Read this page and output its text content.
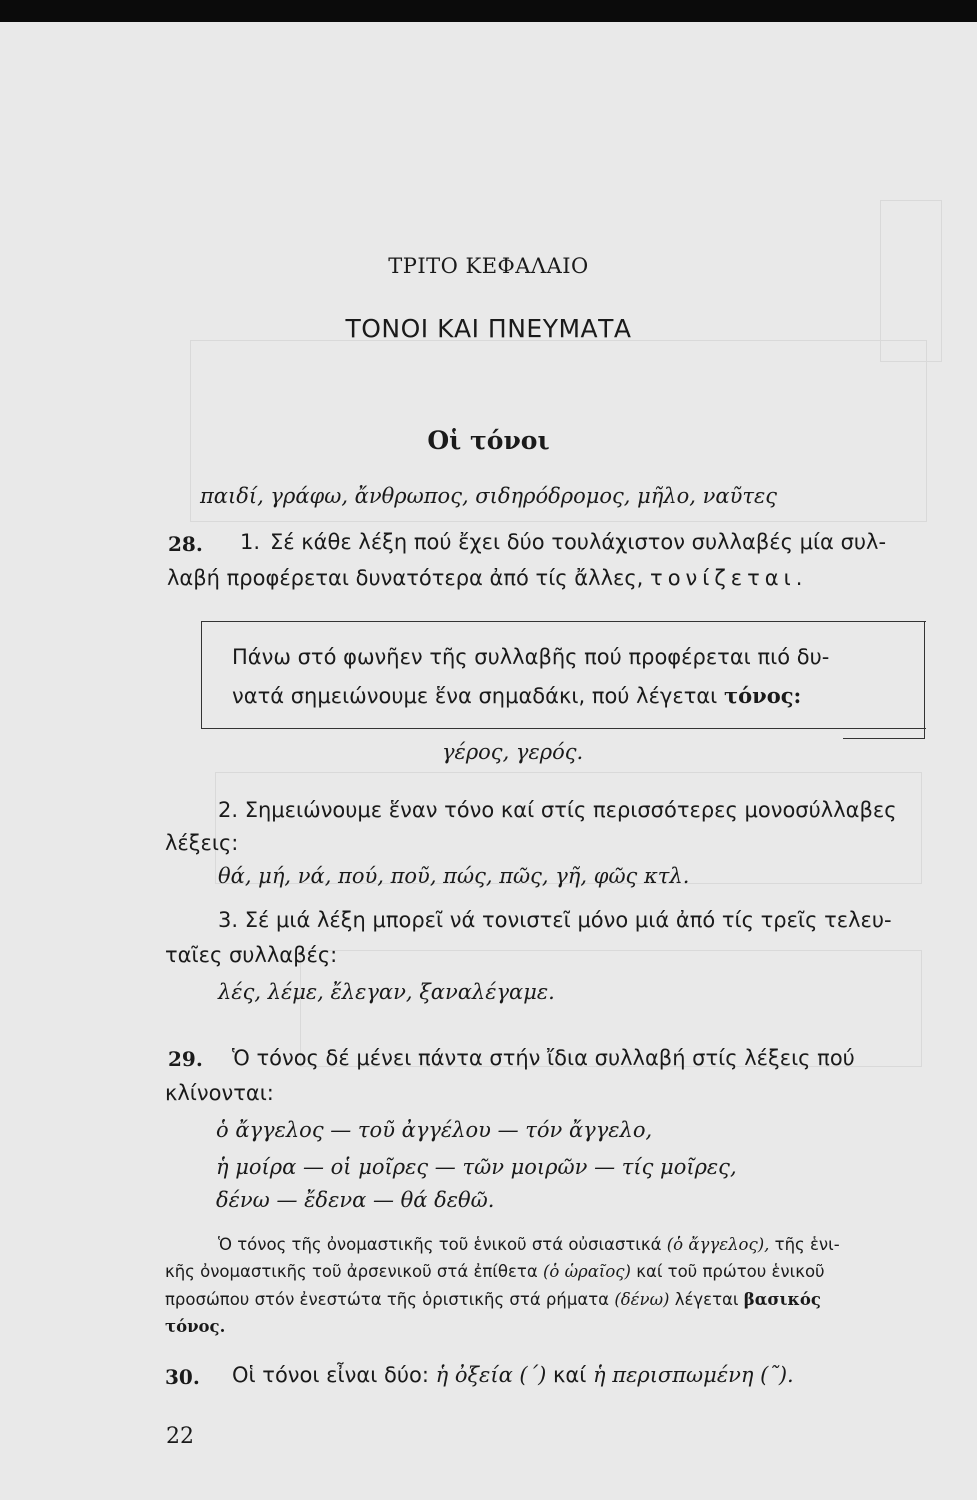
ΤΡΙΤΟ ΚΕΦΑΛΑΙΟ
ΤΟΝΟΙ ΚΑΙ ΠΝΕΥΜΑΤΑ
Οἱ τόνοι
παιδί, γράφω, ἄνθρωπος, σιδηρόδρομος, μῆλο, ναῦτες
28. 1. Σέ κάθε λέξη πού ἔχει δύο τουλάχιστον συλλαβές μία συλ-
λαβή προφέρεται δυνατότερα ἀπό τίς ἄλλες, τονίζεται.
Πάνω στό φωνῆεν τῆς συλλαβῆς πού προφέρεται πιό δυ-
νατά σημειώνουμε ἕνα σημαδάκι, πού λέγεται τόνος:
γέρος, γερός.
2. Σημειώνουμε ἕναν τόνο καί στίς περισσότερες μονοσύλλαβες
λέξεις:
θά, μή, νά, πού, ποῦ, πώς, πῶς, γῆ, φῶς κτλ.
3. Σέ μιά λέξη μπορεῖ νά τονιστεῖ μόνο μιά ἀπό τίς τρεῖς τελευ-
ταῖες συλλαβές:
λές, λέμε, ἔλεγαν, ξαναλέγαμε.
29. Ὁ τόνος δέ μένει πάντα στήν ἴδια συλλαβή στίς λέξεις πού
κλίνονται:
ὁ ἄγγελος — τοῦ ἀγγέλου — τόν ἄγγελο,
ἡ μοίρα — οἱ μοῖρες — τῶν μοιρῶν — τίς μοῖρες,
δένω — ἔδενα — θά δεθῶ.
Ὁ τόνος τῆς ὀνομαστικῆς τοῦ ἑνικοῦ στά οὐσιαστικά (ὁ ἄγγελος), τῆς ἑνι-
κῆς ὀνομαστικῆς τοῦ ἀρσενικοῦ στά ἐπίθετα (ὁ ὡραῖος) καί τοῦ πρώτου ἑνικοῦ
προσώπου στόν ἐνεστώτα τῆς ὁριστικῆς στά ρήματα (δένω) λέγεται βασικός
τόνος.
30. Οἱ τόνοι εἶναι δύο: ἡ ὀξεία (΄) καί ἡ περισπωμένη (῀).
22
